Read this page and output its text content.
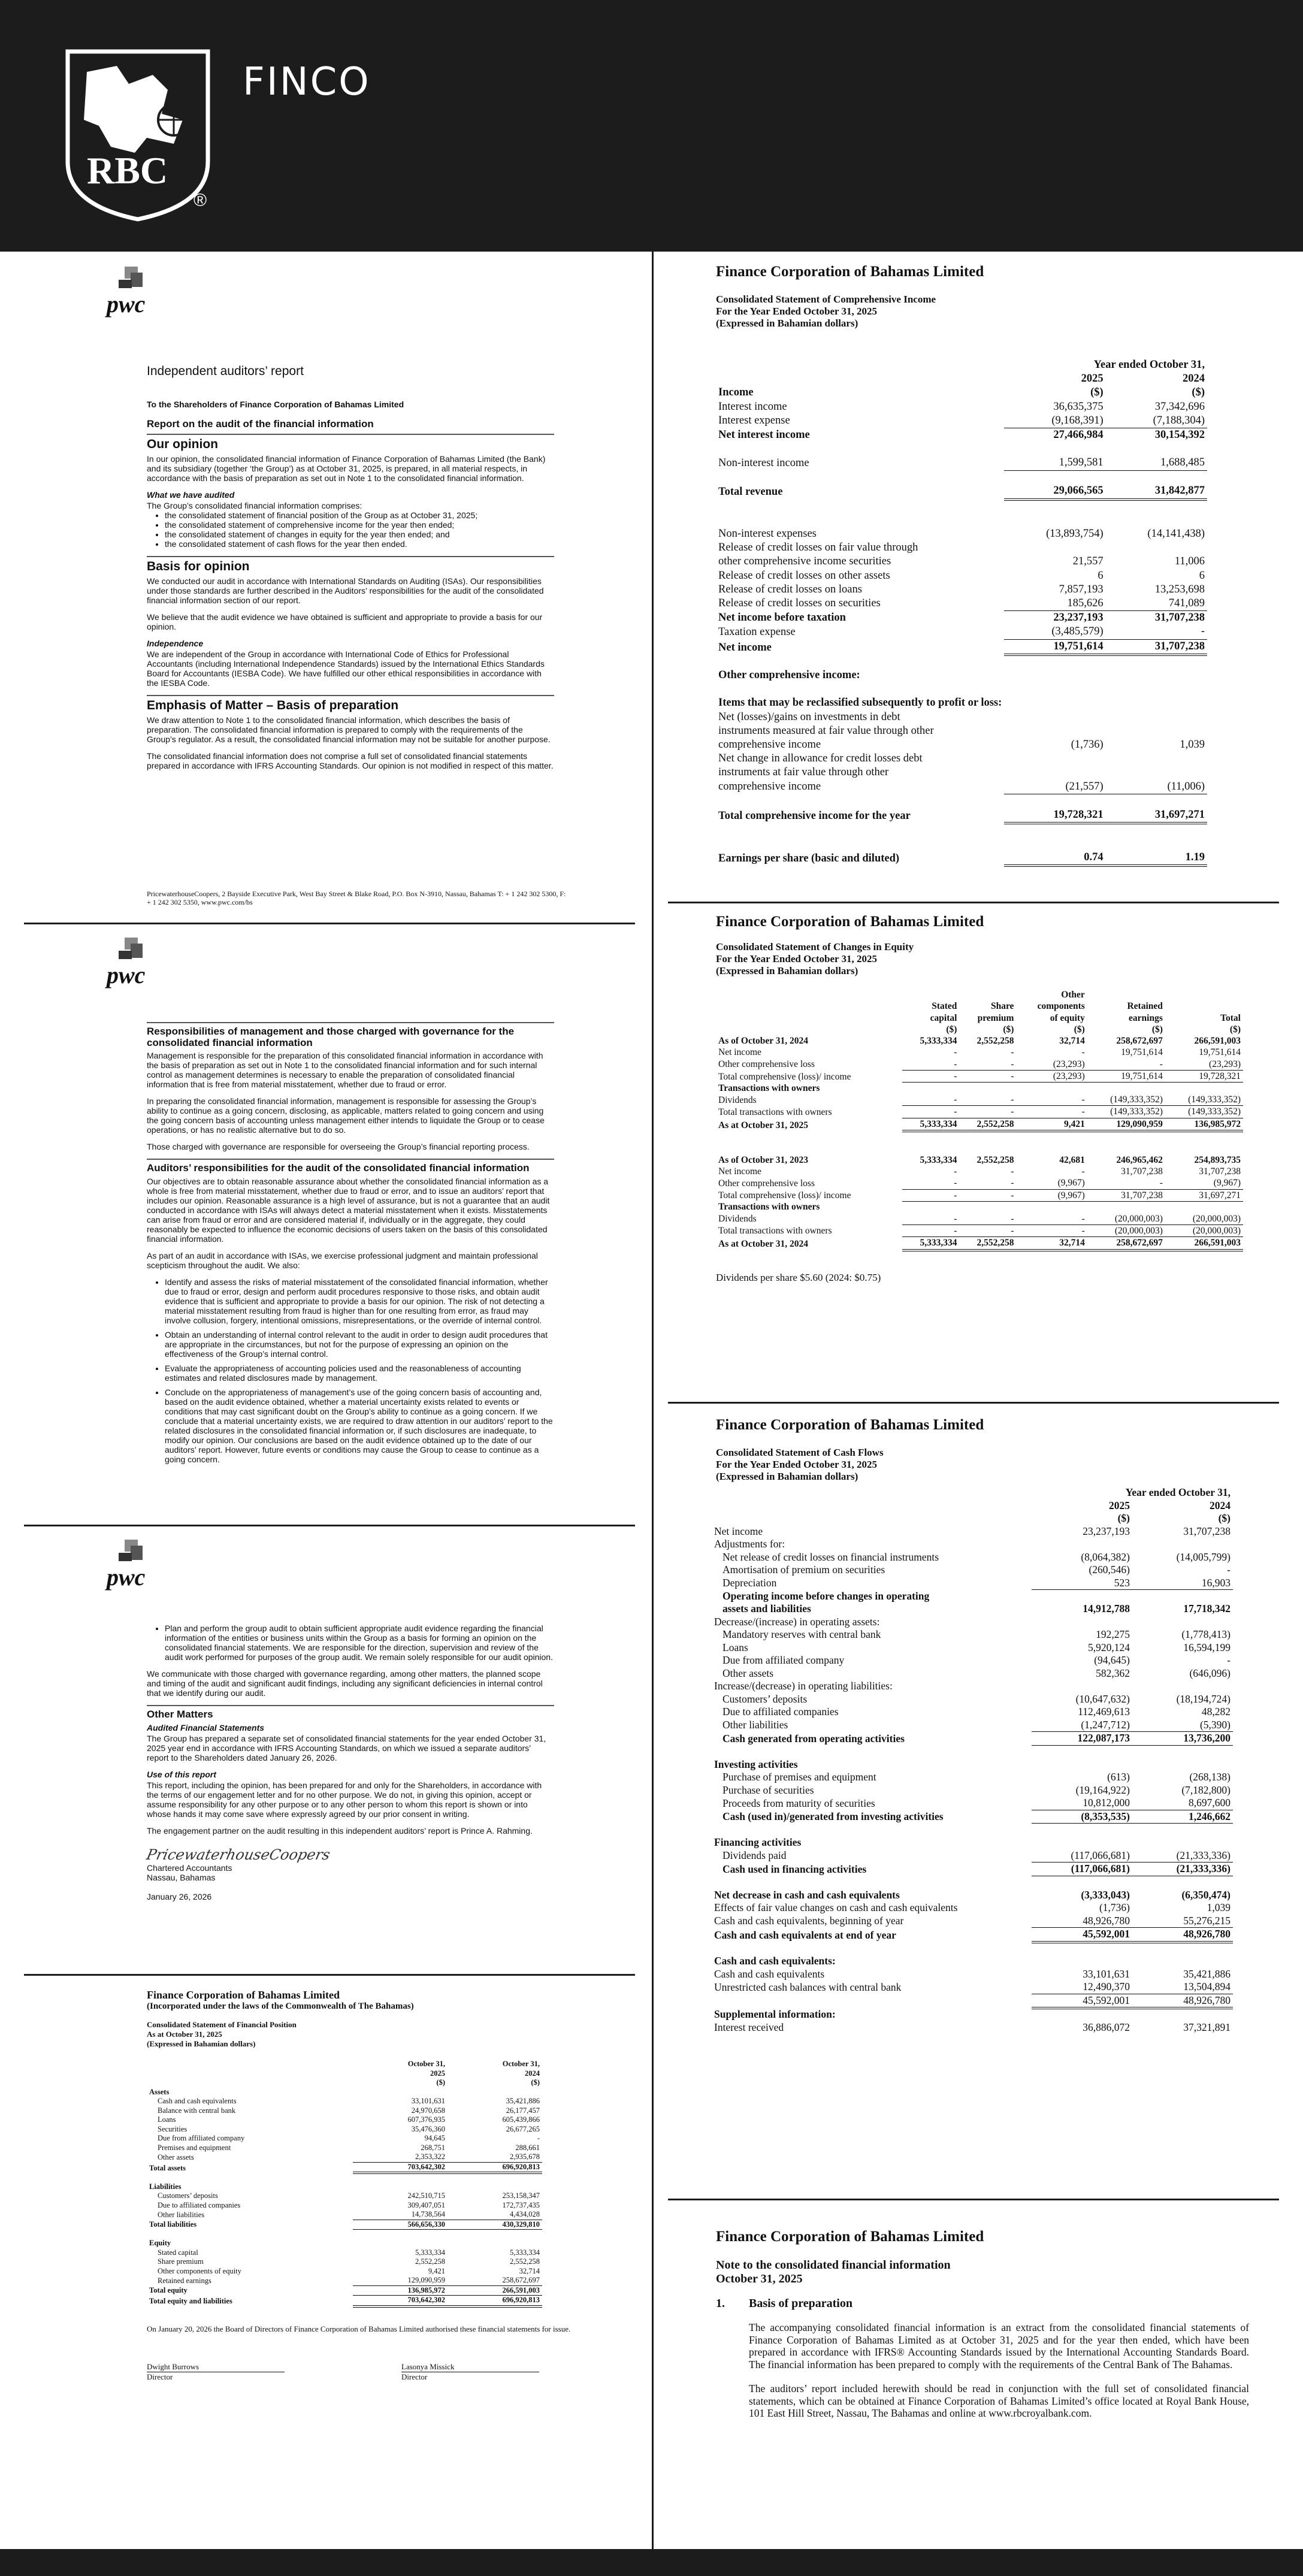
RBC
®
FINCO
pwc
Independent auditors’ report
To the Shareholders of Finance Corporation of Bahamas Limited
Report on the audit of the financial information
Our opinion

In our opinion, the consolidated financial information of Finance Corporation of Bahamas Limited (the Bank) and its subsidiary (together ‘the Group’) as at October 31, 2025, is prepared, in all material respects, in accordance with the basis of preparation as set out in Note 1 to the consolidated financial information.

What we have audited

The Group’s consolidated financial information comprises:

• the consolidated statement of financial position of the Group as at October 31, 2025;
• the consolidated statement of comprehensive income for the year then ended;
• the consolidated statement of changes in equity for the year then ended; and
• the consolidated statement of cash flows for the year then ended.
Basis for opinion

We conducted our audit in accordance with International Standards on Auditing (ISAs). Our responsibilities under those standards are further described in the Auditors’ responsibilities for the audit of the consolidated financial information section of our report.

We believe that the audit evidence we have obtained is sufficient and appropriate to provide a basis for our opinion.

Independence

We are independent of the Group in accordance with International Code of Ethics for Professional Accountants (including International Independence Standards) issued by the International Ethics Standards Board for Accountants (IESBA Code). We have fulfilled our other ethical responsibilities in accordance with the IESBA Code.

Emphasis of Matter – Basis of preparation

We draw attention to Note 1 to the consolidated financial information, which describes the basis of preparation. The consolidated financial information is prepared to comply with the requirements of the Group’s regulator. As a result, the consolidated financial information may not be suitable for another purpose.

The consolidated financial information does not comprise a full set of consolidated financial statements prepared in accordance with IFRS Accounting Standards. Our opinion is not modified in respect of this matter.

PricewaterhouseCoopers, 2 Bayside Executive Park, West Bay Street & Blake Road, P.O. Box N-3910, Nassau, Bahamas T: + 1 242 302 5300, F: + 1 242 302 5350, www.pwc.com/bs
pwc
Responsibilities of management and those charged with governance for the consolidated financial information

Management is responsible for the preparation of this consolidated financial information in accordance with the basis of preparation as set out in Note 1 to the consolidated financial information and for such internal control as management determines is necessary to enable the preparation of consolidated financial information that is free from material misstatement, whether due to fraud or error.

In preparing the consolidated financial information, management is responsible for assessing the Group’s ability to continue as a going concern, disclosing, as applicable, matters related to going concern and using the going concern basis of accounting unless management either intends to liquidate the Group or to cease operations, or has no realistic alternative but to do so.

Those charged with governance are responsible for overseeing the Group’s financial reporting process.

Auditors’ responsibilities for the audit of the consolidated financial information

Our objectives are to obtain reasonable assurance about whether the consolidated financial information as a whole is free from material misstatement, whether due to fraud or error, and to issue an auditors’ report that includes our opinion. Reasonable assurance is a high level of assurance, but is not a guarantee that an audit conducted in accordance with ISAs will always detect a material misstatement when it exists. Misstatements can arise from fraud or error and are considered material if, individually or in the aggregate, they could reasonably be expected to influence the economic decisions of users taken on the basis of this consolidated financial information.

As part of an audit in accordance with ISAs, we exercise professional judgment and maintain professional scepticism throughout the audit. We also:

• Identify and assess the risks of material misstatement of the consolidated financial information, whether due to fraud or error, design and perform audit procedures responsive to those risks, and obtain audit evidence that is sufficient and appropriate to provide a basis for our opinion. The risk of not detecting a material misstatement resulting from fraud is higher than for one resulting from error, as fraud may involve collusion, forgery, intentional omissions, misrepresentations, or the override of internal control.
• Obtain an understanding of internal control relevant to the audit in order to design audit procedures that are appropriate in the circumstances, but not for the purpose of expressing an opinion on the effectiveness of the Group’s internal control.
• Evaluate the appropriateness of accounting policies used and the reasonableness of accounting estimates and related disclosures made by management.
• Conclude on the appropriateness of management’s use of the going concern basis of accounting and, based on the audit evidence obtained, whether a material uncertainty exists related to events or conditions that may cast significant doubt on the Group’s ability to continue as a going concern. If we conclude that a material uncertainty exists, we are required to draw attention in our auditors’ report to the related disclosures in the consolidated financial information or, if such disclosures are inadequate, to modify our opinion. Our conclusions are based on the audit evidence obtained up to the date of our auditors’ report. However, future events or conditions may cause the Group to cease to continue as a going concern.
pwc
• Plan and perform the group audit to obtain sufficient appropriate audit evidence regarding the financial information of the entities or business units within the Group as a basis for forming an opinion on the consolidated financial statements. We are responsible for the direction, supervision and review of the audit work performed for purposes of the group audit. We remain solely responsible for our audit opinion.

We communicate with those charged with governance regarding, among other matters, the planned scope and timing of the audit and significant audit findings, including any significant deficiencies in internal control that we identify during our audit.

Other Matters
Audited Financial Statements

The Group has prepared a separate set of consolidated financial statements for the year ended October 31, 2025 year end in accordance with IFRS Accounting Standards, on which we issued a separate auditors’ report to the Shareholders dated January 26, 2026.

Use of this report

This report, including the opinion, has been prepared for and only for the Shareholders, in accordance with the terms of our engagement letter and for no other purpose. We do not, in giving this opinion, accept or assume responsibility for any other purpose or to any other person to whom this report is shown or into whose hands it may come save where expressly agreed by our prior consent in writing.

The engagement partner on the audit resulting in this independent auditors’ report is Prince A. Rahming.

PricewaterhouseCoopers
Chartered Accountants
Nassau, Bahamas
January 26, 2026
Finance Corporation of Bahamas Limited
(Incorporated under the laws of the Commonwealth of The Bahamas)
Consolidated Statement of Financial Position
As at October 31, 2025
(Expressed in Bahamian dollars)
	October 31,	October 31,
	2025	2024
	($)	($)
Assets		
Cash and cash equivalents	33,101,631	35,421,886
Balance with central bank	24,970,658	26,177,457
Loans	607,376,935	605,439,866
Securities	35,476,360	26,677,265
Due from affiliated company	94,645	-
Premises and equipment	268,751	288,661
Other assets	2,353,322	2,935,678
Total assets	703,642,302	696,920,813

Liabilities		
Customers’ deposits	242,510,715	253,158,347
Due to affiliated companies	309,407,051	172,737,435
Other liabilities	14,738,564	4,434,028
Total liabilities	566,656,330	430,329,810

Equity		
Stated capital	5,333,334	5,333,334
Share premium	2,552,258	2,552,258
Other components of equity	9,421	32,714
Retained earnings	129,090,959	258,672,697
Total equity	136,985,972	266,591,003
Total equity and liabilities	703,642,302	696,920,813
On January 20, 2026 the Board of Directors of Finance Corporation of Bahamas Limited authorised these financial statements for issue.
Dwight Burrows
Director
Lasonya Missick
Director
Finance Corporation of Bahamas Limited
Consolidated Statement of Comprehensive Income
For the Year Ended October 31, 2025
(Expressed in Bahamian dollars)
	Year ended October 31,	
	2025	2024
Income	($)	($)
Interest income	36,635,375	37,342,696
Interest expense	(9,168,391)	(7,188,304)
Net interest income	27,466,984	30,154,392

Non-interest income	1,599,581	1,688,485

Total revenue	29,066,565	31,842,877

Non-interest expenses	(13,893,754)	(14,141,438)
Release of credit losses on fair value through		
other comprehensive income securities	21,557	11,006
Release of credit losses on other assets	6	6
Release of credit losses on loans	7,857,193	13,253,698
Release of credit losses on securities	185,626	741,089
Net income before taxation	23,237,193	31,707,238
Taxation expense	(3,485,579)	-
Net income	19,751,614	31,707,238

Other comprehensive income:		

Items that may be reclassified subsequently to profit or loss:		
Net (losses)/gains on investments in debt		
instruments measured at fair value through other		
comprehensive income	(1,736)	1,039
Net change in allowance for credit losses debt		
instruments at fair value through other		
comprehensive income	(21,557)	(11,006)

Total comprehensive income for the year	19,728,321	31,697,271

Earnings per share (basic and diluted)	0.74	1.19
Finance Corporation of Bahamas Limited
Consolidated Statement of Changes in Equity
For the Year Ended October 31, 2025
(Expressed in Bahamian dollars)
			Other		
	Stated	Share	components	Retained	
	capital	premium	of equity	earnings	Total
	($)	($)	($)	($)	($)
As of October 31, 2024	5,333,334	2,552,258	32,714	258,672,697	266,591,003
Net income	-	-	-	19,751,614	19,751,614
Other comprehensive loss	-	-	(23,293)	-	(23,293)
Total comprehensive (loss)/ income	-	-	(23,293)	19,751,614	19,728,321
Transactions with owners					
Dividends	-	-	-	(149,333,352)	(149,333,352)
Total transactions with owners	-	-	-	(149,333,352)	(149,333,352)
As at October 31, 2025	5,333,334	2,552,258	9,421	129,090,959	136,985,972

As of October 31, 2023	5,333,334	2,552,258	42,681	246,965,462	254,893,735
Net income	-	-	-	31,707,238	31,707,238
Other comprehensive loss	-	-	(9,967)	-	(9,967)
Total comprehensive (loss)/ income	-	-	(9,967)	31,707,238	31,697,271
Transactions with owners					
Dividends	-	-	-	(20,000,003)	(20,000,003)
Total transactions with owners	-	-	-	(20,000,003)	(20,000,003)
As at October 31, 2024	5,333,334	2,552,258	32,714	258,672,697	266,591,003
Dividends per share $5.60 (2024: $0.75)
Finance Corporation of Bahamas Limited
Consolidated Statement of Cash Flows
For the Year Ended October 31, 2025
(Expressed in Bahamian dollars)
	Year ended October 31,	
	2025	2024
	($)	($)
Net income	23,237,193	31,707,238
Adjustments for:		
Net release of credit losses on financial instruments	(8,064,382)	(14,005,799)
Amortisation of premium on securities	(260,546)	-
Depreciation	523	16,903
Operating income before changes in operating		
assets and liabilities	14,912,788	17,718,342
Decrease/(increase) in operating assets:		
Mandatory reserves with central bank	192,275	(1,778,413)
Loans	5,920,124	16,594,199
Due from affiliated company	(94,645)	-
Other assets	582,362	(646,096)
Increase/(decrease) in operating liabilities:		
Customers’ deposits	(10,647,632)	(18,194,724)
Due to affiliated companies	112,469,613	48,282
Other liabilities	(1,247,712)	(5,390)
Cash generated from operating activities	122,087,173	13,736,200

Investing activities		
Purchase of premises and equipment	(613)	(268,138)
Purchase of securities	(19,164,922)	(7,182,800)
Proceeds from maturity of securities	10,812,000	8,697,600
Cash (used in)/generated from investing activities	(8,353,535)	1,246,662

Financing activities		
Dividends paid	(117,066,681)	(21,333,336)
Cash used in financing activities	(117,066,681)	(21,333,336)

Net decrease in cash and cash equivalents	(3,333,043)	(6,350,474)
Effects of fair value changes on cash and cash equivalents	(1,736)	1,039
Cash and cash equivalents, beginning of year	48,926,780	55,276,215
Cash and cash equivalents at end of year	45,592,001	48,926,780

Cash and cash equivalents:		
Cash and cash equivalents	33,101,631	35,421,886
Unrestricted cash balances with central bank	12,490,370	13,504,894
	45,592,001	48,926,780
Supplemental information:		
Interest received	36,886,072	37,321,891
Finance Corporation of Bahamas Limited
Note to the consolidated financial information
October 31, 2025
1. Basis of preparation
The accompanying consolidated financial information is an extract from the consolidated financial statements of Finance Corporation of Bahamas Limited as at October 31, 2025 and for the year then ended, which have been prepared in accordance with IFRS® Accounting Standards issued by the International Accounting Standards Board. The financial information has been prepared to comply with the requirements of the Central Bank of The Bahamas.
The auditors’ report included herewith should be read in conjunction with the full set of consolidated financial statements, which can be obtained at Finance Corporation of Bahamas Limited’s office located at Royal Bank House, 101 East Hill Street, Nassau, The Bahamas and online at www.rbcroyalbank.com.
